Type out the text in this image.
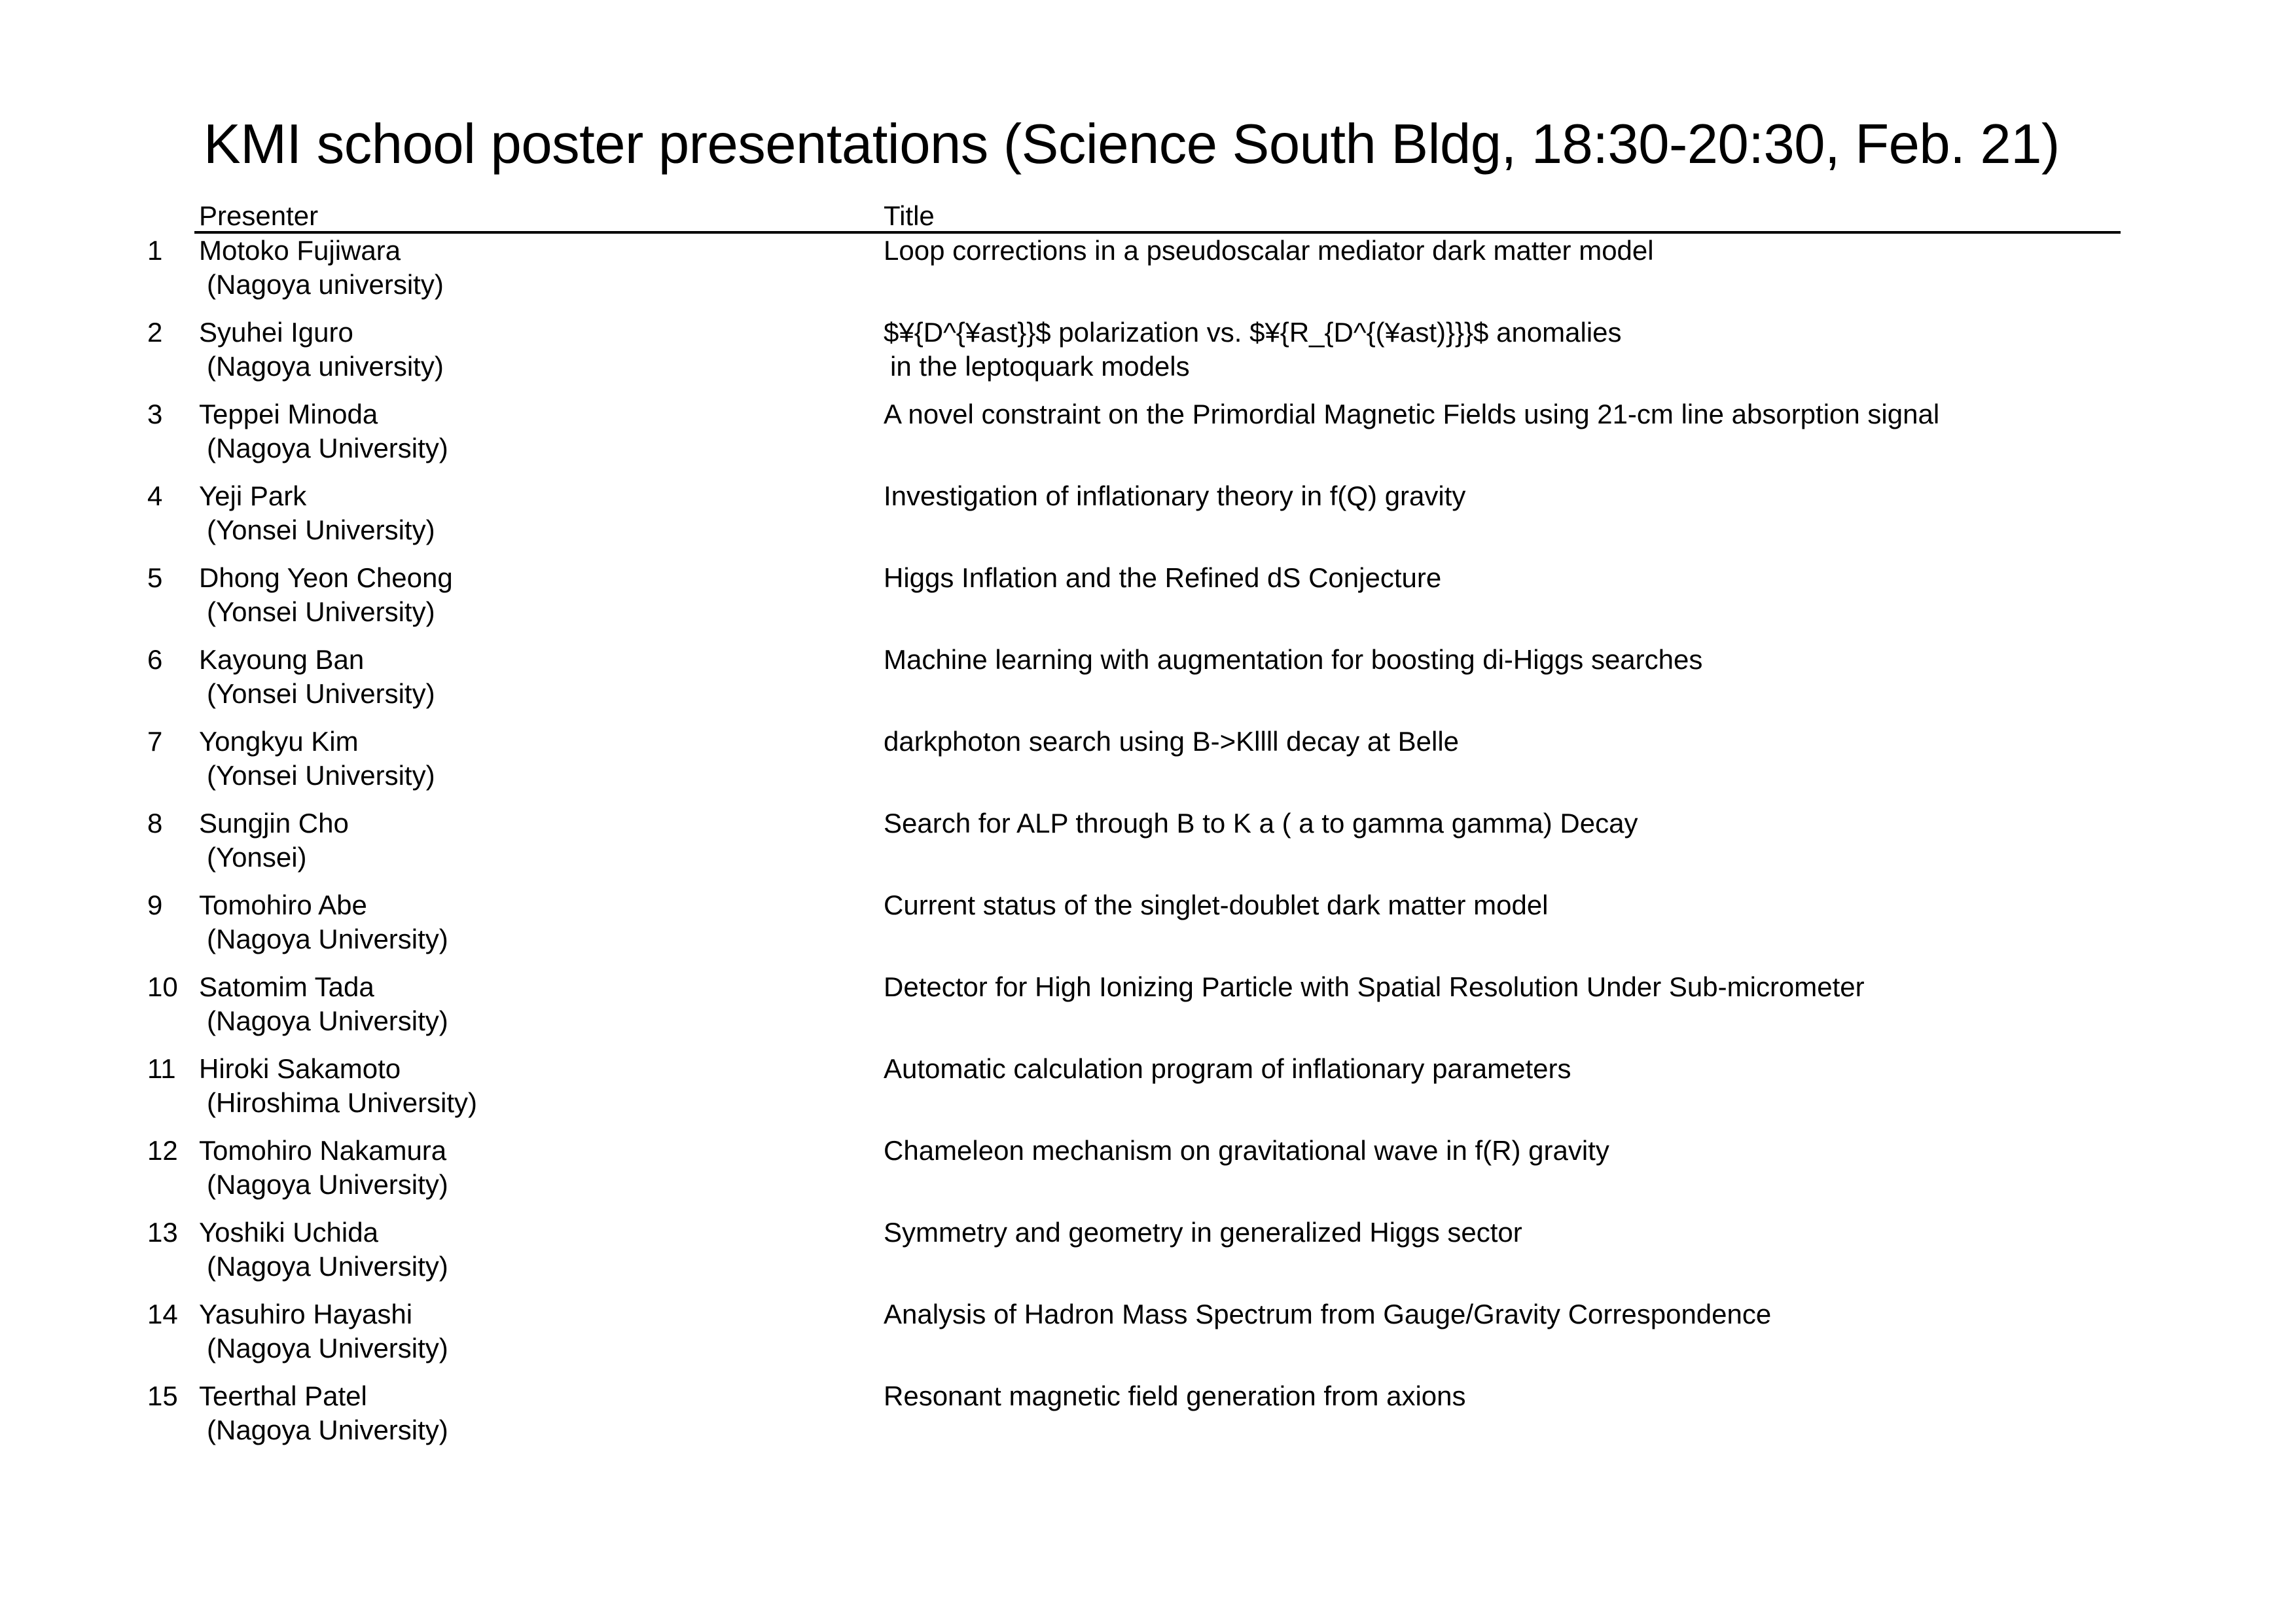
KMI school poster presentations (Science South Bldg, 18:30-20:30, Feb. 21)
Presenter	Title
1 Motoko Fujiwara
(Nagoya university)
Loop corrections in a pseudoscalar mediator dark matter model
2 Syuhei Iguro
(Nagoya university)
$¥{D^{¥ast}}$ polarization vs. $¥{R_{D^{(¥ast)}}}$ anomalies
in the leptoquark models
3 Teppei Minoda
(Nagoya University)
A novel constraint on the Primordial Magnetic Fields using 21-cm line absorption signal
4 Yeji Park
(Yonsei University)
Investigation of inflationary theory in f(Q) gravity
5 Dhong Yeon Cheong
(Yonsei University)
Higgs Inflation and the Refined dS Conjecture
6 Kayoung Ban
(Yonsei University)
Machine learning with augmentation for boosting di-Higgs searches
7 Yongkyu Kim
(Yonsei University)
darkphoton search using B->Kllll decay at Belle
8 Sungjin Cho
(Yonsei)
Search for ALP through B to K a ( a to gamma gamma) Decay
9 Tomohiro Abe
(Nagoya University)
Current status of the singlet-doublet dark matter model
10 Satomim Tada
(Nagoya University)
Detector for High Ionizing Particle with Spatial Resolution Under Sub-micrometer
11 Hiroki Sakamoto
(Hiroshima University)
Automatic calculation program of inflationary parameters
12 Tomohiro Nakamura
(Nagoya University)
Chameleon mechanism on gravitational wave in f(R) gravity
13 Yoshiki Uchida
(Nagoya University)
Symmetry and geometry in generalized Higgs sector
14 Yasuhiro Hayashi
(Nagoya University)
Analysis of Hadron Mass Spectrum from Gauge/Gravity Correspondence
15 Teerthal Patel
(Nagoya University)
Resonant magnetic field generation from axions
